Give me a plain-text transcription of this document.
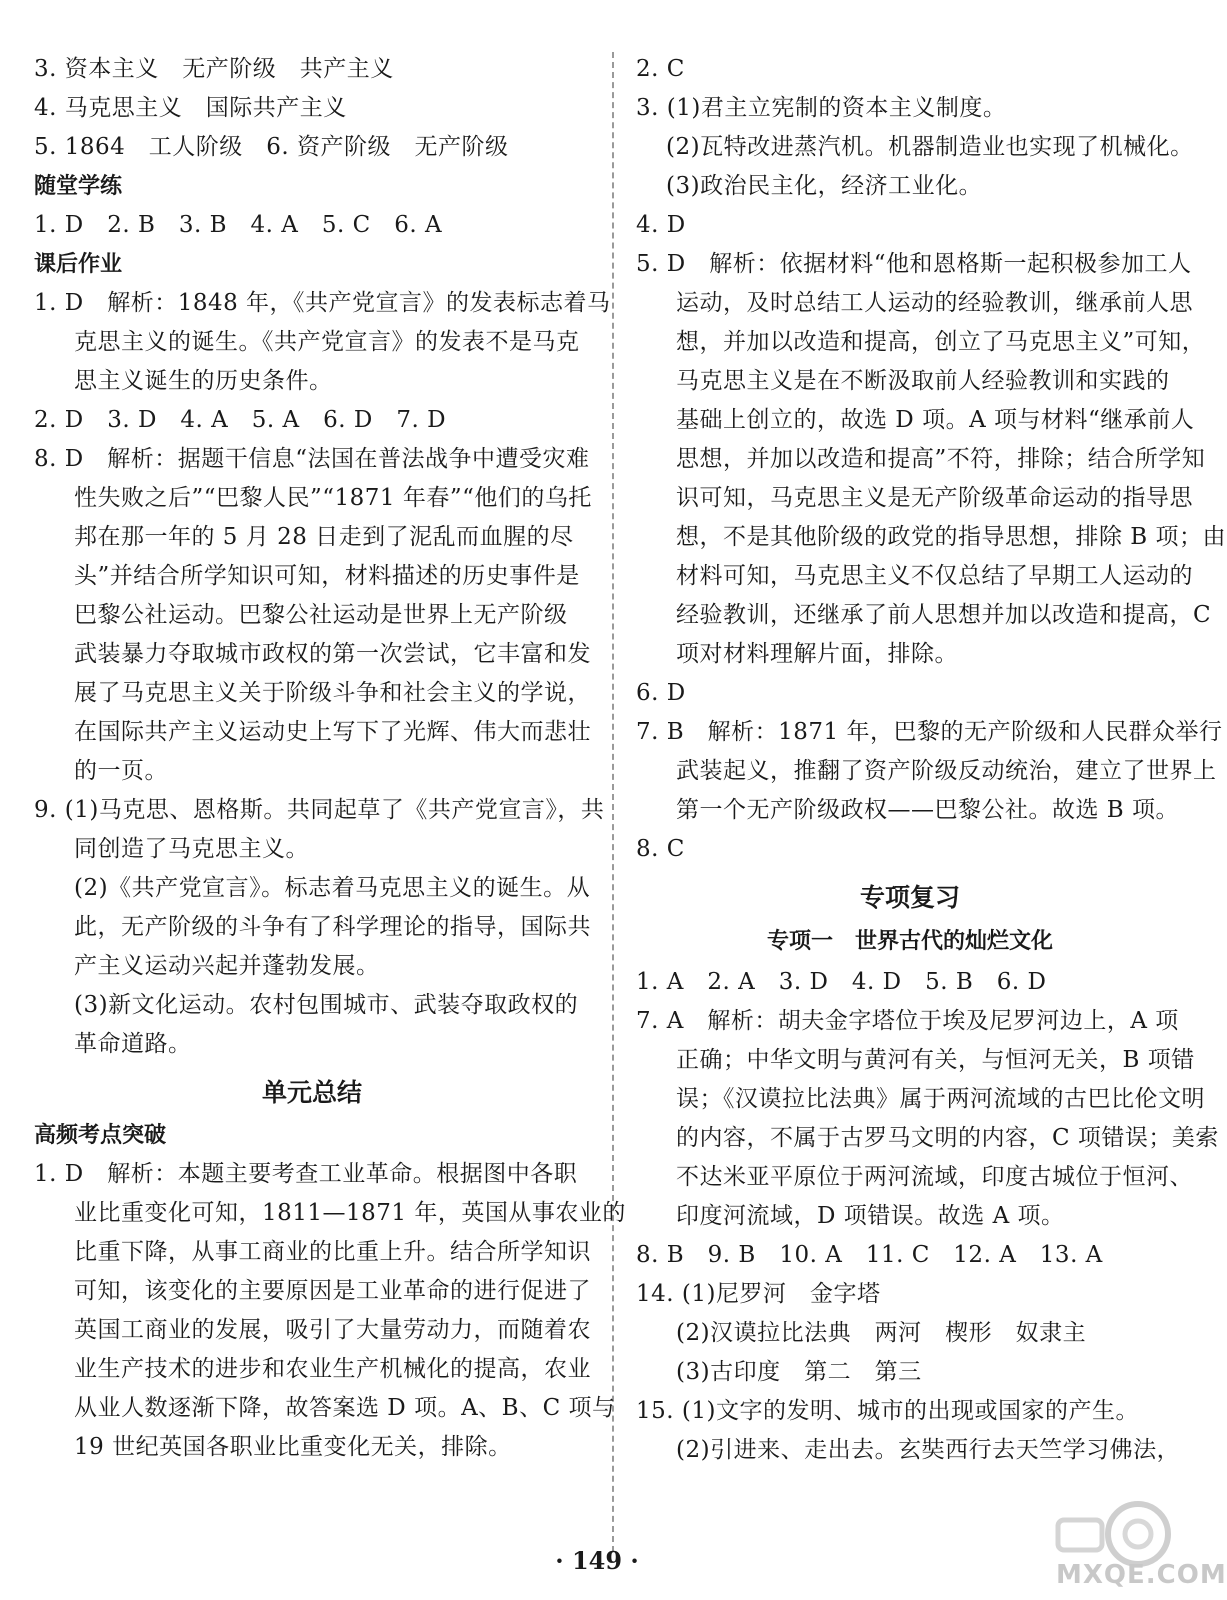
3. 资本主义　无产阶级　共产主义
4. 马克思主义　国际共产主义
5. 1864　工人阶级　6. 资产阶级　无产阶级
随堂学练
1. D　2. B　3. B　4. A　5. C　6. A
课后作业
1. D　解析：1848 年，《共产党宣言》的发表标志着马
克思主义的诞生。《共产党宣言》的发表不是马克
思主义诞生的历史条件。
2. D　3. D　4. A　5. A　6. D　7. D
8. D　解析：据题干信息“法国在普法战争中遭受灾难
性失败之后”“巴黎人民”“1871 年春”“他们的乌托
邦在那一年的 5 月 28 日走到了泥乱而血腥的尽
头”并结合所学知识可知，材料描述的历史事件是
巴黎公社运动。巴黎公社运动是世界上无产阶级
武装暴力夺取城市政权的第一次尝试，它丰富和发
展了马克思主义关于阶级斗争和社会主义的学说，
在国际共产主义运动史上写下了光辉、伟大而悲壮
的一页。
9. (1)马克思、恩格斯。共同起草了《共产党宣言》，共
同创造了马克思主义。
(2)《共产党宣言》。标志着马克思主义的诞生。从
此，无产阶级的斗争有了科学理论的指导，国际共
产主义运动兴起并蓬勃发展。
(3)新文化运动。农村包围城市、武装夺取政权的
革命道路。
单元总结
高频考点突破
1. D　解析：本题主要考查工业革命。根据图中各职
业比重变化可知，1811—1871 年，英国从事农业的
比重下降，从事工商业的比重上升。结合所学知识
可知，该变化的主要原因是工业革命的进行促进了
英国工商业的发展，吸引了大量劳动力，而随着农
业生产技术的进步和农业生产机械化的提高，农业
从业人数逐渐下降，故答案选 D 项。A、B、C 项与
19 世纪英国各职业比重变化无关，排除。
2. C
3. (1)君主立宪制的资本主义制度。
(2)瓦特改进蒸汽机。机器制造业也实现了机械化。
(3)政治民主化，经济工业化。
4. D
5. D　解析：依据材料“他和恩格斯一起积极参加工人
运动，及时总结工人运动的经验教训，继承前人思
想，并加以改造和提高，创立了马克思主义”可知，
马克思主义是在不断汲取前人经验教训和实践的
基础上创立的，故选 D 项。A 项与材料“继承前人
思想，并加以改造和提高”不符，排除；结合所学知
识可知，马克思主义是无产阶级革命运动的指导思
想，不是其他阶级的政党的指导思想，排除 B 项；由
材料可知，马克思主义不仅总结了早期工人运动的
经验教训，还继承了前人思想并加以改造和提高，C
项对材料理解片面，排除。
6. D
7. B　解析：1871 年，巴黎的无产阶级和人民群众举行
武装起义，推翻了资产阶级反动统治，建立了世界上
第一个无产阶级政权——巴黎公社。故选 B 项。
8. C
专项复习
专项一　世界古代的灿烂文化
1. A　2. A　3. D　4. D　5. B　6. D
7. A　解析：胡夫金字塔位于埃及尼罗河边上，A 项
正确；中华文明与黄河有关，与恒河无关，B 项错
误；《汉谟拉比法典》属于两河流域的古巴比伦文明
的内容，不属于古罗马文明的内容，C 项错误；美索
不达米亚平原位于两河流域，印度古城位于恒河、
印度河流域，D 项错误。故选 A 项。
8. B　9. B　10. A　11. C　12. A　13. A
14. (1)尼罗河　金字塔
(2)汉谟拉比法典　两河　楔形　奴隶主
(3)古印度　第二　第三
15. (1)文字的发明、城市的出现或国家的产生。
(2)引进来、走出去。玄奘西行去天竺学习佛法，
· 149 ·	MXQE.COM
